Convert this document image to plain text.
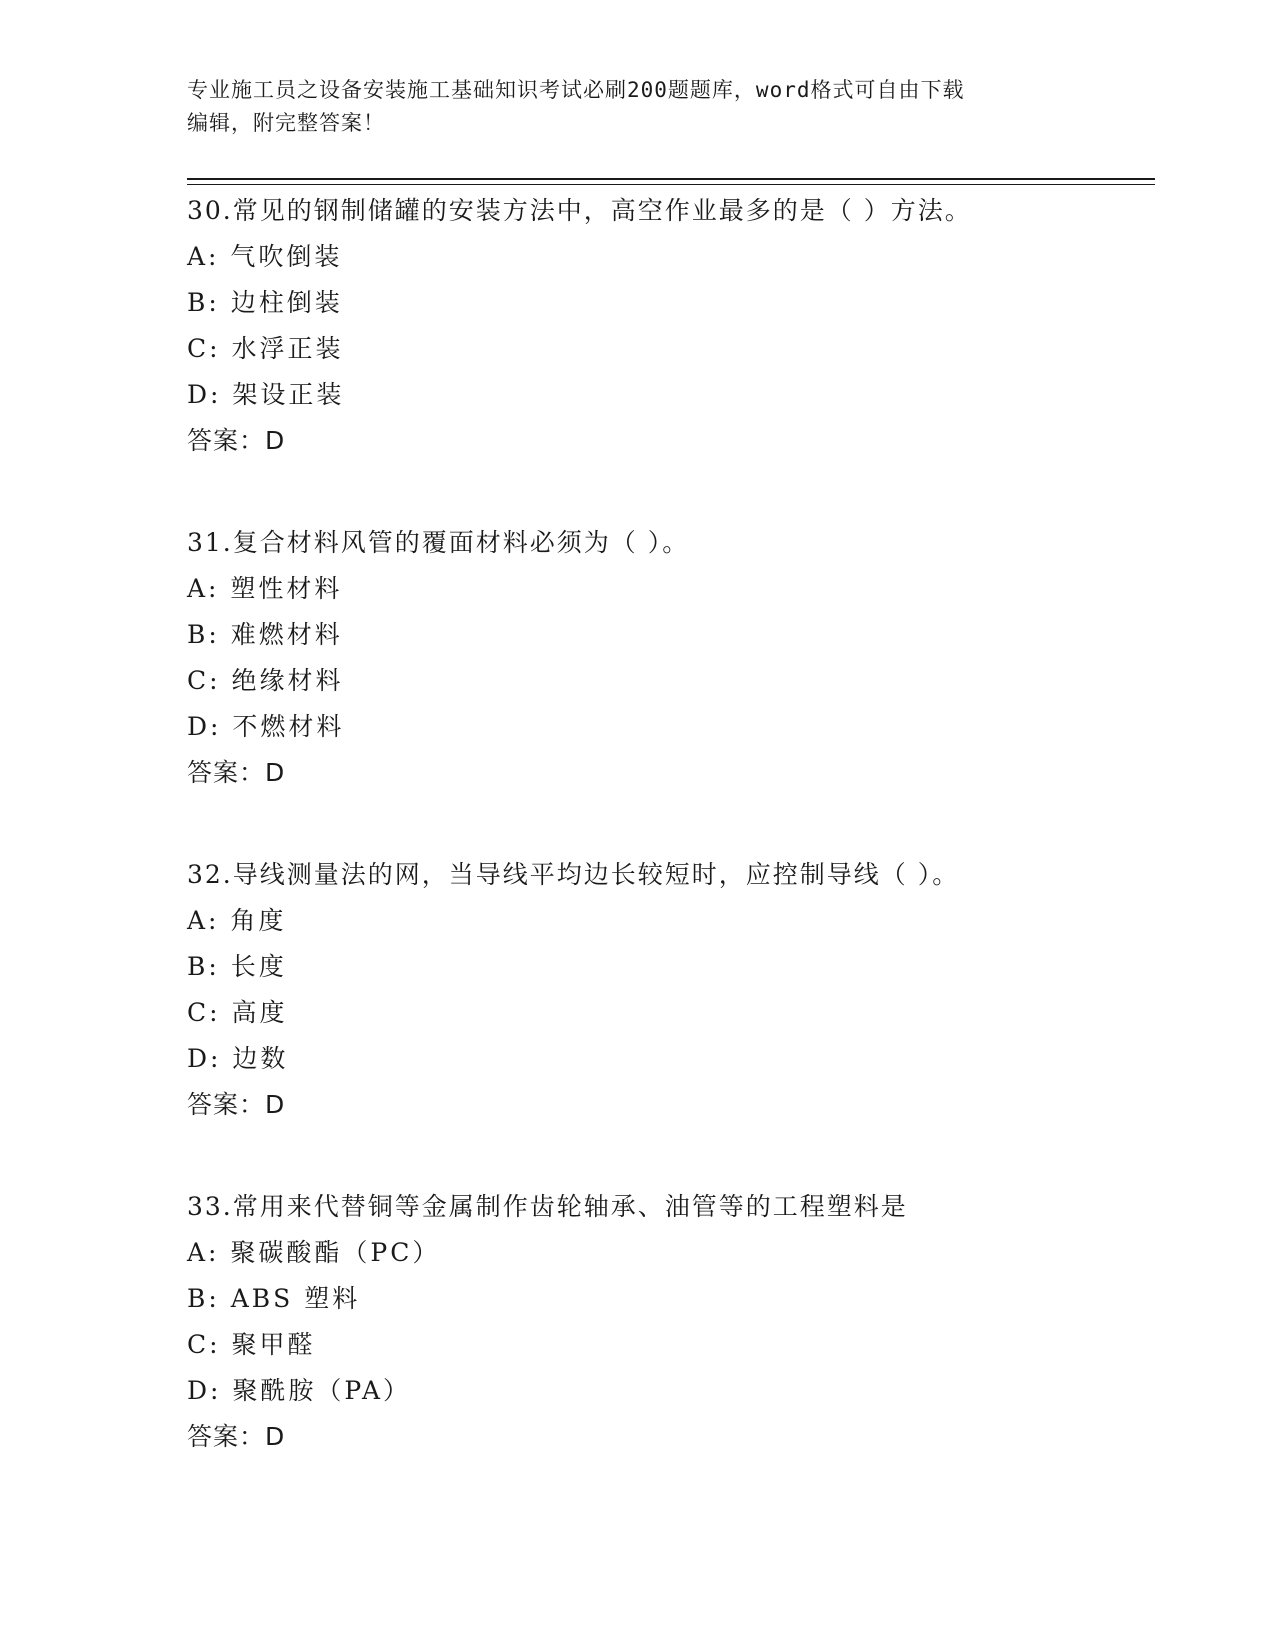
专业施工员之设备安装施工基础知识考试必刷200题题库，word格式可自由下载
编辑，附完整答案！
30.常见的钢制储罐的安装方法中，高空作业最多的是（ ）方法。
A: 气吹倒装
B: 边柱倒装
C: 水浮正装
D: 架设正装
答案：D
31.复合材料风管的覆面材料必须为（ ）。
A: 塑性材料
B: 难燃材料
C: 绝缘材料
D: 不燃材料
答案：D
32.导线测量法的网，当导线平均边长较短时，应控制导线（ ）。
A: 角度
B: 长度
C: 高度
D: 边数
答案：D
33.常用来代替铜等金属制作齿轮轴承、油管等的工程塑料是
A: 聚碳酸酯（PC）
B: ABS 塑料
C: 聚甲醛
D: 聚酰胺（PA）
答案：D
